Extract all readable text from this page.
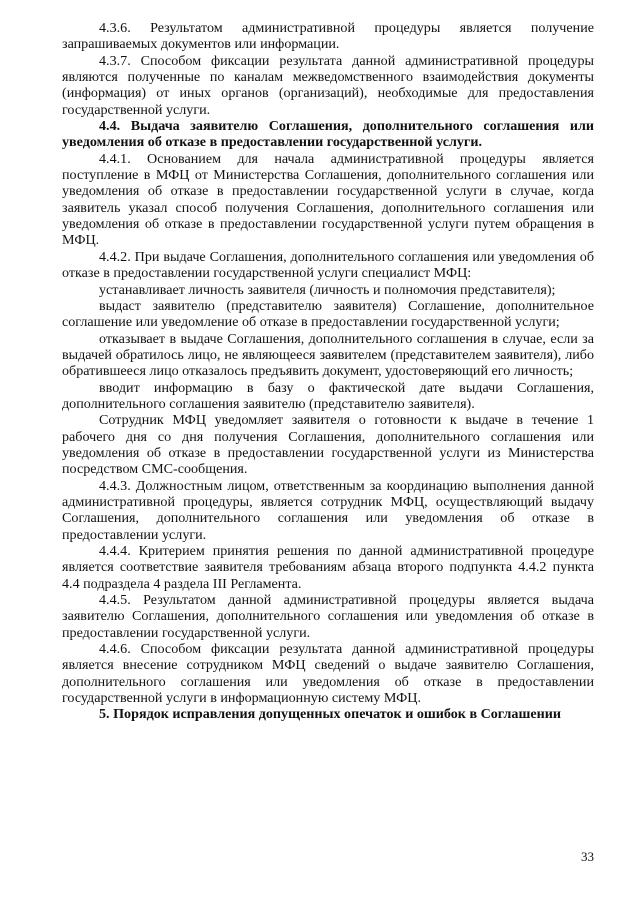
4.3.6. Результатом административной процедуры является получение запрашиваемых документов или информации.

4.3.7. Способом фиксации результата данной административной процедуры являются полученные по каналам межведомственного взаимодействия документы (информация) от иных органов (организаций), необходимые для предоставления государственной услуги.

4.4. Выдача заявителю Соглашения, дополнительного соглашения или уведомления об отказе в предоставлении государственной услуги.

4.4.1. Основанием для начала административной процедуры является поступление в МФЦ от Министерства Соглашения, дополнительного соглашения или уведомления об отказе в предоставлении государственной услуги в случае, когда заявитель указал способ получения Соглашения, дополнительного соглашения или уведомления об отказе в предоставлении государственной услуги путем обращения в МФЦ.

4.4.2. При выдаче Соглашения, дополнительного соглашения или уведомления об отказе в предоставлении государственной услуги специалист МФЦ:

устанавливает личность заявителя (личность и полномочия представителя);

выдаст заявителю (представителю заявителя) Соглашение, дополнительное соглашение или уведомление об отказе в предоставлении государственной услуги;

отказывает в выдаче Соглашения, дополнительного соглашения в случае, если за выдачей обратилось лицо, не являющееся заявителем (представителем заявителя), либо обратившееся лицо отказалось предъявить документ, удостоверяющий его личность;

вводит информацию в базу о фактической дате выдачи Соглашения, дополнительного соглашения заявителю (представителю заявителя).

Сотрудник МФЦ уведомляет заявителя о готовности к выдаче в течение 1 рабочего дня со дня получения Соглашения, дополнительного соглашения или уведомления об отказе в предоставлении государственной услуги из Министерства посредством СМС-сообщения.

4.4.3. Должностным лицом, ответственным за координацию выполнения данной административной процедуры, является сотрудник МФЦ, осуществляющий выдачу Соглашения, дополнительного соглашения или уведомления об отказе в предоставлении услуги.

4.4.4. Критерием принятия решения по данной административной процедуре является соответствие заявителя требованиям абзаца второго подпункта 4.4.2 пункта 4.4 подраздела 4 раздела III Регламента.

4.4.5. Результатом данной административной процедуры является выдача заявителю Соглашения, дополнительного соглашения или уведомления об отказе в предоставлении государственной услуги.

4.4.6. Способом фиксации результата данной административной процедуры является внесение сотрудником МФЦ сведений о выдаче заявителю Соглашения, дополнительного соглашения или уведомления об отказе в предоставлении государственной услуги в информационную систему МФЦ.

5. Порядок исправления допущенных опечаток и ошибок в Соглашении

33
